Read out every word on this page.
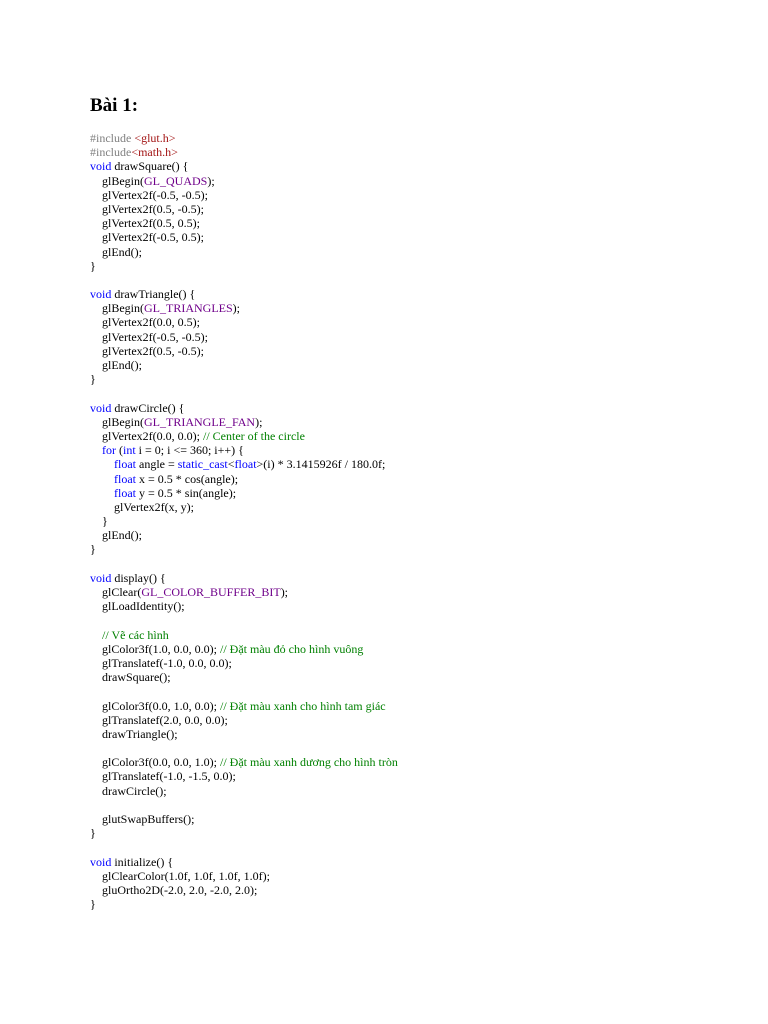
Bài 1:
#include <glut.h>
#include<math.h>
void drawSquare() {
glBegin(GL_QUADS);
glVertex2f(-0.5, -0.5);
glVertex2f(0.5, -0.5);
glVertex2f(0.5, 0.5);
glVertex2f(-0.5, 0.5);
glEnd();
}

void drawTriangle() {
glBegin(GL_TRIANGLES);
glVertex2f(0.0, 0.5);
glVertex2f(-0.5, -0.5);
glVertex2f(0.5, -0.5);
glEnd();
}

void drawCircle() {
glBegin(GL_TRIANGLE_FAN);
glVertex2f(0.0, 0.0); // Center of the circle
for (int i = 0; i <= 360; i++) {
float angle = static_cast<float>(i) * 3.1415926f / 180.0f;
float x = 0.5 * cos(angle);
float y = 0.5 * sin(angle);
glVertex2f(x, y);
}
glEnd();
}

void display() {
glClear(GL_COLOR_BUFFER_BIT);
glLoadIdentity();

// Vẽ các hình
glColor3f(1.0, 0.0, 0.0); // Đặt màu đỏ cho hình vuông
glTranslatef(-1.0, 0.0, 0.0);
drawSquare();

glColor3f(0.0, 1.0, 0.0); // Đặt màu xanh cho hình tam giác
glTranslatef(2.0, 0.0, 0.0);
drawTriangle();

glColor3f(0.0, 0.0, 1.0); // Đặt màu xanh dương cho hình tròn
glTranslatef(-1.0, -1.5, 0.0);
drawCircle();

glutSwapBuffers();
}

void initialize() {
glClearColor(1.0f, 1.0f, 1.0f, 1.0f);
gluOrtho2D(-2.0, 2.0, -2.0, 2.0);
}
